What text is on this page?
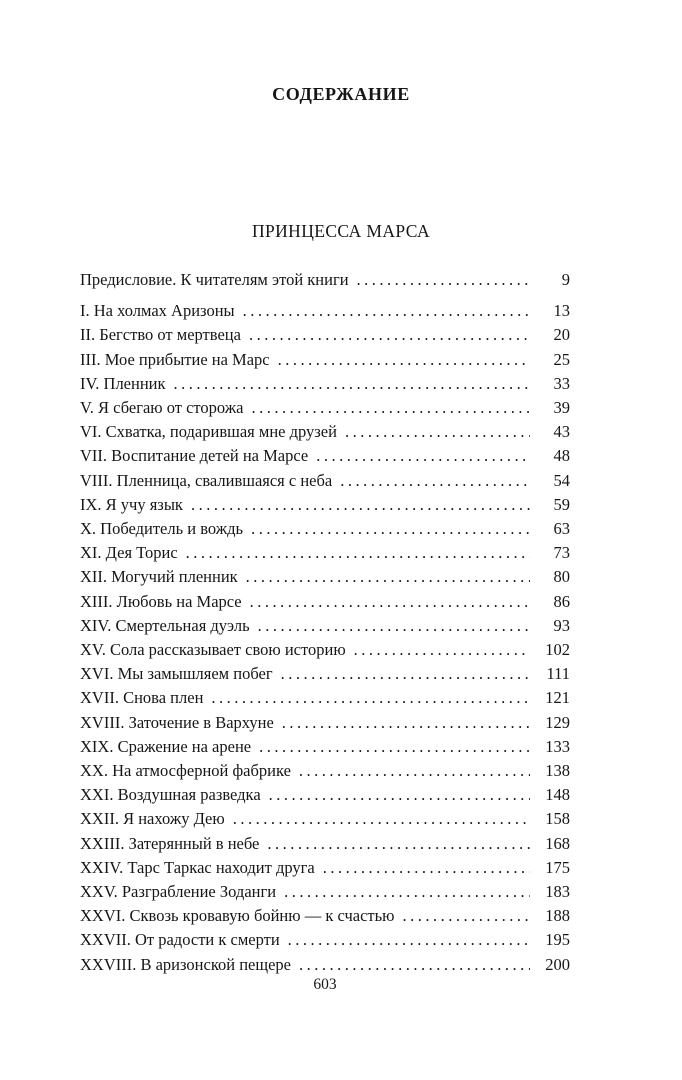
СОДЕРЖАНИЕ
ПРИНЦЕССА МАРСА
Предисловие. К читателям этой книги .....	9
I. На холмах Аризоны .....	13
II. Бегство от мертвеца .....	20
III. Мое прибытие на Марс .....	25
IV. Пленник .....	33
V. Я сбегаю от сторожа .....	39
VI. Схватка, подарившая мне друзей .....	43
VII. Воспитание детей на Марсе .....	48
VIII. Пленница, свалившаяся с неба .....	54
IX. Я учу язык .....	59
X. Победитель и вождь .....	63
XI. Дея Торис .....	73
XII. Могучий пленник .....	80
XIII. Любовь на Марсе .....	86
XIV. Смертельная дуэль .....	93
XV. Сола рассказывает свою историю .....	102
XVI. Мы замышляем побег .....	111
XVII. Снова плен .....	121
XVIII. Заточение в Вархуне .....	129
XIX. Сражение на арене .....	133
XX. На атмосферной фабрике .....	138
XXI. Воздушная разведка .....	148
XXII. Я нахожу Дею .....	158
XXIII. Затерянный в небе .....	168
XXIV. Тарс Таркас находит друга .....	175
XXV. Разграбление Зоданги .....	183
XXVI. Сквозь кровавую бойню — к счастью .....	188
XXVII. От радости к смерти .....	195
XXVIII. В аризонской пещере .....	200
603
